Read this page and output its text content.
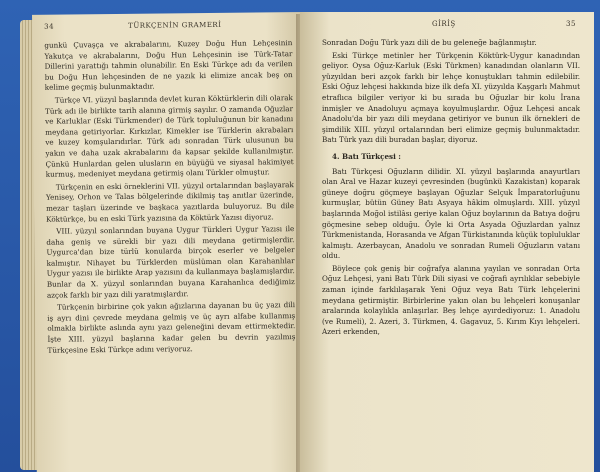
34	TÜRKÇENİN GRAMERİ

gunkü Çuvaşça ve akrabalarını, Kuzey Doğu Hun Lehçesinin Yakutça ve akrabalarını, Doğu Hun Lehçesinin ise Türk-Tatar Dillerini yarattığı tahmin olunabilir. En Eski Türkçe adı da verilen bu Doğu Hun lehçesinden de ne yazık ki elimize ancak beş on kelime geçmiş bulunmaktadır.

Türkçe VI. yüzyıl başlarında devlet kuran Köktürklerin dili olarak Türk adı ile birlikte tarih alanına girmiş sayılır. O zamanda Oğuzlar ve Karluklar (Eski Türkmender) de Türk topluluğunun bir kanadını meydana getiriyorlar. Kırkızlar, Kimekler ise Türklerin akrabaları ve kuzey komşularıdırlar. Türk adı sonradan Türk ulusunun bu yakın ve daha uzak akrabalarını da kapsar şekilde kullanılmıştır. Çünkü Hunlardan gelen ulusların en büyüğü ve siyasal hakimiyet kurmuş, medeniyet meydana getirmiş olanı Türkler olmuştur.

Türkçenin en eski örneklerini VII. yüzyıl ortalarından başlayarak Yenisey, Orhon ve Talas bölgelerinde dikilmiş taş anıtlar üzerinde, mezar taşları üzerinde ve başkaca yazıtlarda buluyoruz. Bu dile Köktürkçe, bu en eski Türk yazısına da Köktürk Yazısı diyoruz.

VIII. yüzyıl sonlarından buyana Uygur Türkleri Uygur Yazısı ile daha geniş ve sürekli bir yazı dili meydana getirmişlerdir. Uygurca'dan bize türlü konularda birçok eserler ve belgeler kalmıştır. Nihayet bu Türklerden müslüman olan Karahanlılar Uygur yazısı ile birlikte Arap yazısını da kullanmaya başlamışlardır. Bunlar da X. yüzyıl sonlarından buyana Karahanlıca dediğimiz azçok farklı bir yazı dili yaratmışlardır.

Türkçenin birbirine çok yakın ağızlarına dayanan bu üç yazı dili iş ayrı dini çevrede meydana gelmiş ve üç ayrı alfabe kullanmış olmakla birlikte aslında aynı yazı geleneğini devam ettirmektedir. İşte XIII. yüzyıl başlarına kadar gelen bu devrin yazılmış Türkçesine Eski Türkçe adını veriyoruz.

GİRİŞ	35

Sonradan Doğu Türk yazı dili de bu geleneğe bağlanmıştır.

Eski Türkçe metinler her Türkçenin Köktürk-Uygur kanadından geliyor. Oysa Oğuz-Karluk (Eski Türkmen) kanadından olanların VII. yüzyıldan beri azçok farklı bir lehçe konuştukları tahmin edilebilir. Eski Oğuz lehçesi hakkında bize ilk defa XI. yüzyılda Kaşgarlı Mahmut etraflıca bilgiler veriyor ki bu sırada bu Oğuzlar bir kolu İrana inmişler ve Anadoluyu açmaya koyulmuşlardır. Oğuz Lehçesi ancak Anadolu'da bir yazı dili meydana getiriyor ve bunun ilk örnekleri de şimdilik XIII. yüzyıl ortalarından beri elimize geçmiş bulunmaktadır. Batı Türk yazı dili buradan başlar, diyoruz.

4. Batı Türkçesi :

Batı Türkçesi Oğuzların dilidir. XI. yüzyıl başlarında anayurtları olan Aral ve Hazar kuzeyi çevresinden (bugünkü Kazakistan) koparak güneye doğru göçmeye başlayan Oğuzlar Selçuk İmparatorluğunu kurmuşlar, bütün Güney Batı Asyaya hâkim olmuşlardı. XIII. yüzyıl başlarında Moğol istilâsı geriye kalan Oğuz boylarının da Batıya doğru göçmesine sebep olduğu. Öyle ki Orta Asyada Oğuzlardan yalnız Türkmenistanda, Horasanda ve Afgan Türkistanında küçük topluluklar kalmıştı. Azerbaycan, Anadolu ve sonradan Rumeli Oğuzların vatanı oldu.

Böylece çok geniş bir coğrafya alanına yayılan ve sonradan Orta Oğuz Lehçesi, yani Batı Türk Dili siyasi ve coğrafi ayrılıklar sebebiyle zaman içinde farklılaşarak Yeni Oğuz veya Batı Türk lehçelerini meydana getirmiştir. Birbirlerine yakın olan bu lehçeleri konuşanlar aralarında kolaylıkla anlaşırlar. Beş lehçe ayırdediyoruz: 1. Anadolu (ve Rumeli), 2. Azeri, 3. Türkmen, 4. Gagavuz, 5. Kırım Kıyı lehçeleri. Azeri erkenden,
